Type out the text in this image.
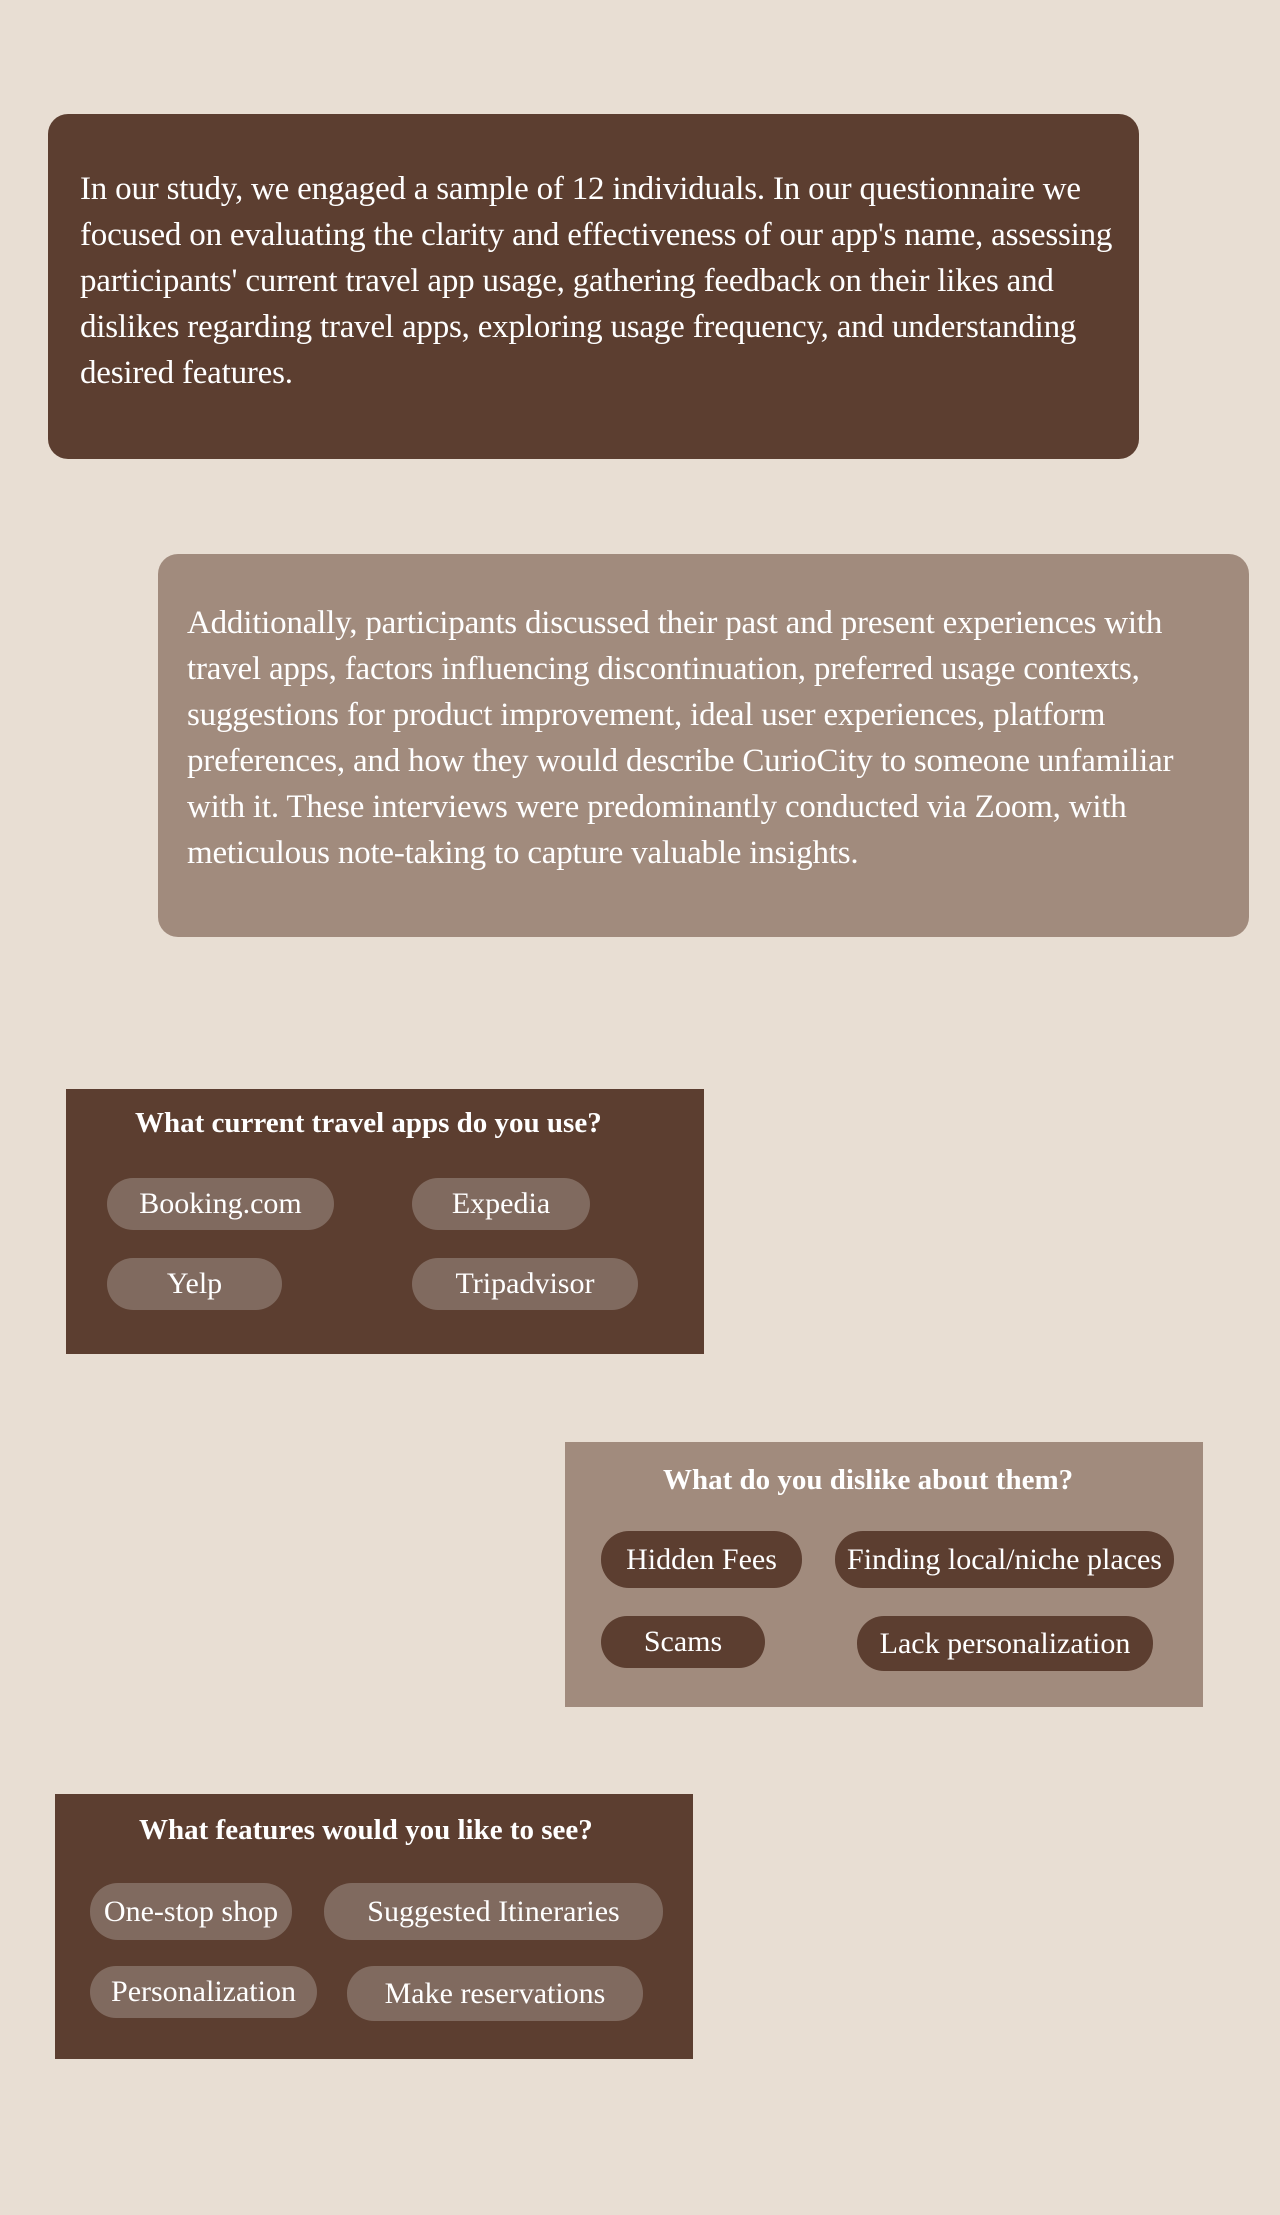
In our study, we engaged a sample of 12 individuals. In our questionnaire we focused on evaluating the clarity and effectiveness of our app's name, assessing participants' current travel app usage, gathering feedback on their likes and dislikes regarding travel apps, exploring usage frequency, and understanding desired features.

Additionally, participants discussed their past and present experiences with travel apps, factors influencing discontinuation, preferred usage contexts, suggestions for product improvement, ideal user experiences, platform preferences, and how they would describe CurioCity to someone unfamiliar with it. These interviews were predominantly conducted via Zoom, with meticulous note-taking to capture valuable insights.

What current travel apps do you use?
Booking.com	Expedia
Yelp	Tripadvisor
What do you dislike about them?
Hidden Fees	Finding local/niche places
Scams	Lack personalization
What features would you like to see?
One-stop shop	Suggested Itineraries
Personalization	Make reservations
